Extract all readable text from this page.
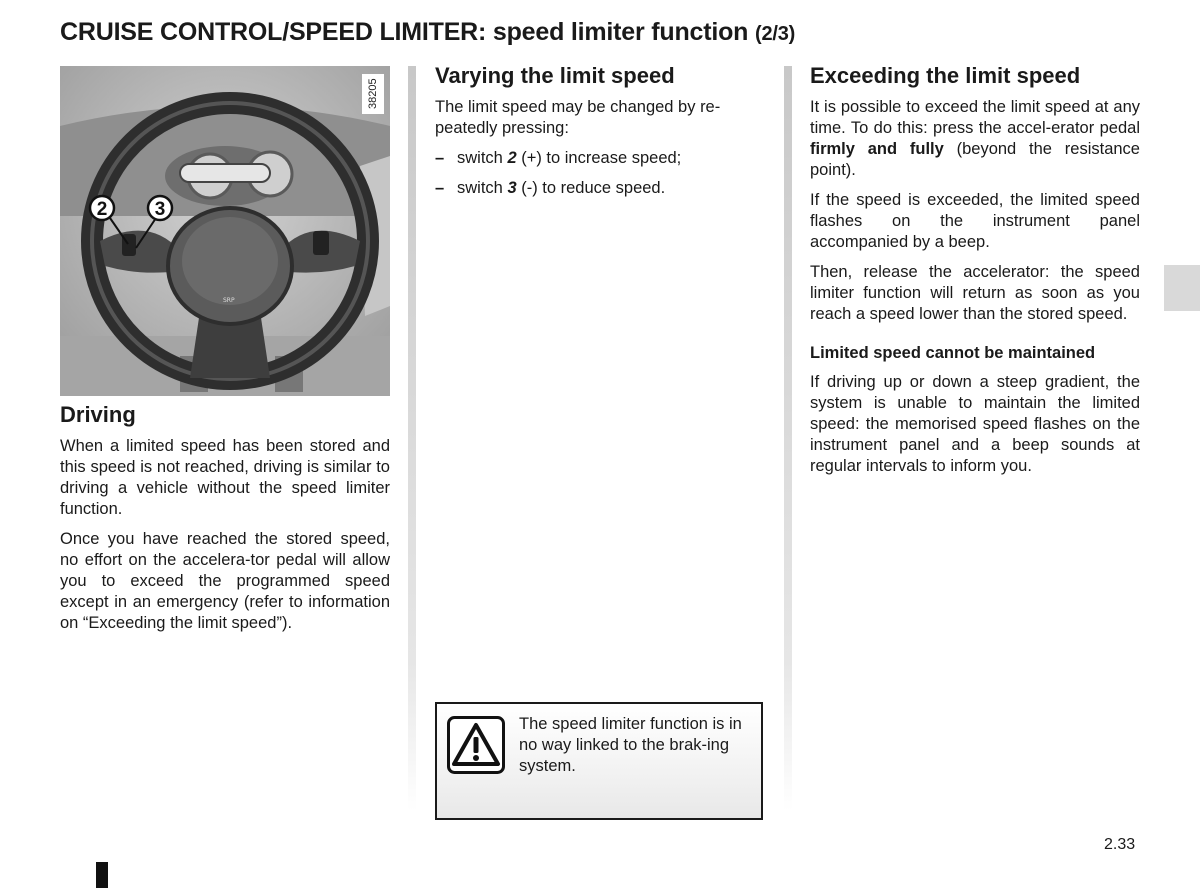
CRUISE CONTROL/SPEED LIMITER: speed limiter function (2/3)
SRP
2 3
38205
Driving

When a limited speed has been stored and this speed is not reached, driving is similar to driving a vehicle without the speed limiter function.

Once you have reached the stored speed, no effort on the accelera-tor pedal will allow you to exceed the programmed speed except in an emergency (refer to information on “Exceeding the limit speed”).

Varying the limit speed

The limit speed may be changed by re-peatedly pressing:

– switch 2 (+) to increase speed;
– switch 3 (-) to reduce speed.
The speed limiter function is in no way linked to the brak-ing system.
Exceeding the limit speed

It is possible to exceed the limit speed at any time. To do this: press the accel-erator pedal firmly and fully (beyond the resistance point).

If the speed is exceeded, the limited speed flashes on the instrument panel accompanied by a beep.

Then, release the accelerator: the speed limiter function will return as soon as you reach a speed lower than the stored speed.

Limited speed cannot be maintained

If driving up or down a steep gradient, the system is unable to maintain the limited speed: the memorised speed flashes on the instrument panel and a beep sounds at regular intervals to inform you.

2.33
